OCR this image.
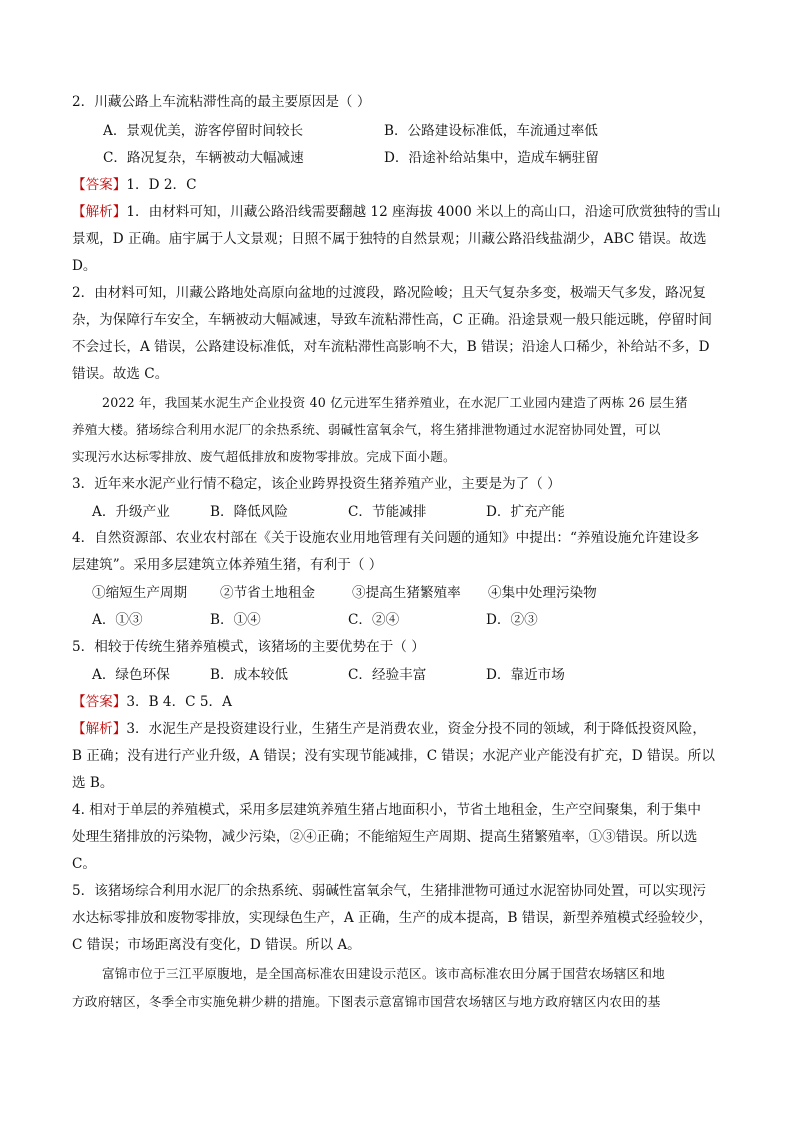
2．川藏公路上车流粘滞性高的最主要原因是（ ）
A．景观优美，游客停留时间较长	B．公路建设标准低，车流通过率低
C．路况复杂，车辆被动大幅减速	D．沿途补给站集中，造成车辆驻留
【答案】1．D 2．C
【解析】1．由材料可知，川藏公路沿线需要翻越 12 座海拔 4000 米以上的高山口，沿途可欣赏独特的雪山
景观，D 正确。庙宇属于人文景观；日照不属于独特的自然景观；川藏公路沿线盐湖少，ABC 错误。故选
D。
2．由材料可知，川藏公路地处高原向盆地的过渡段，路况险峻；且天气复杂多变，极端天气多发，路况复
杂，为保障行车安全，车辆被动大幅减速，导致车流粘滞性高，C 正确。沿途景观一般只能远眺，停留时间
不会过长，A 错误，公路建设标准低，对车流粘滞性高影响不大，B 错误；沿途人口稀少，补给站不多，D
错误。故选 C。
2022 年，我国某水泥生产企业投资 40 亿元进军生猪养殖业，在水泥厂工业园内建造了两栋 26 层生猪
养殖大楼。猪场综合利用水泥厂的余热系统、弱碱性富氧余气，将生猪排泄物通过水泥窑协同处置，可以
实现污水达标零排放、废气超低排放和废物零排放。完成下面小题。
3．近年来水泥产业行情不稳定，该企业跨界投资生猪养殖产业，主要是为了（ ）
A．升级产业	B．降低风险	C．节能减排	D．扩充产能
4．自然资源部、农业农村部在《关于设施农业用地管理有关问题的通知》中提出：“养殖设施允许建设多
层建筑”。采用多层建筑立体养殖生猪，有利于（ ）
①缩短生产周期 ②节省土地租金	③提高生猪繁殖率 ④集中处理污染物
A．①③	B．①④	C．②④	D．②③
5．相较于传统生猪养殖模式，该猪场的主要优势在于（ ）
A．绿色环保	B．成本较低	C．经验丰富	D．靠近市场
【答案】3．B 4．C 5．A
【解析】3．水泥生产是投资建设行业，生猪生产是消费农业，资金分投不同的领域，利于降低投资风险，
B 正确；没有进行产业升级，A 错误；没有实现节能减排，C 错误；水泥产业产能没有扩充，D 错误。所以
选 B。
4. 相对于单层的养殖模式，采用多层建筑养殖生猪占地面积小，节省土地租金，生产空间聚集，利于集中
处理生猪排放的污染物，减少污染，②④正确；不能缩短生产周期、提高生猪繁殖率，①③错误。所以选
C。
5．该猪场综合利用水泥厂的余热系统、弱碱性富氧余气，生猪排泄物可通过水泥窑协同处置，可以实现污
水达标零排放和废物零排放，实现绿色生产，A 正确，生产的成本提高，B 错误，新型养殖模式经验较少，
C 错误；市场距离没有变化，D 错误。所以 A。
富锦市位于三江平原腹地，是全国高标准农田建设示范区。该市高标准农田分属于国营农场辖区和地
方政府辖区，冬季全市实施免耕少耕的措施。下图表示意富锦市国营农场辖区与地方政府辖区内农田的基
